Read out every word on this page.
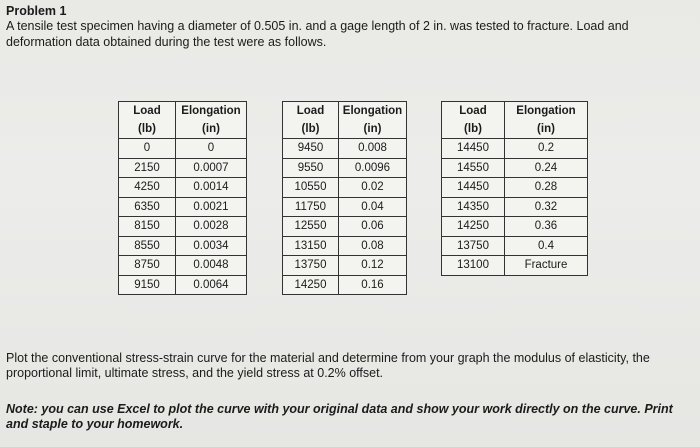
Problem 1
A tensile test specimen having a diameter of 0.505 in. and a gage length of 2 in. was tested to fracture. Load and deformation data obtained during the test were as follows.
Load	Elongation
(lb)	(in)
0	0
2150	0.0007
4250	0.0014
6350	0.0021
8150	0.0028
8550	0.0034
8750	0.0048
9150	0.0064
Load	Elongation
(lb)	(in)
9450	0.008
9550	0.0096
10550	0.02
11750	0.04
12550	0.06
13150	0.08
13750	0.12
14250	0.16
Load	Elongation
(lb)	(in)
14450	0.2
14550	0.24
14450	0.28
14350	0.32
14250	0.36
13750	0.4
13100	Fracture
Plot the conventional stress-strain curve for the material and determine from your graph the modulus of elasticity, the proportional limit, ultimate stress, and the yield stress at 0.2% offset.
Note: you can use Excel to plot the curve with your original data and show your work directly on the curve. Print and staple to your homework.
